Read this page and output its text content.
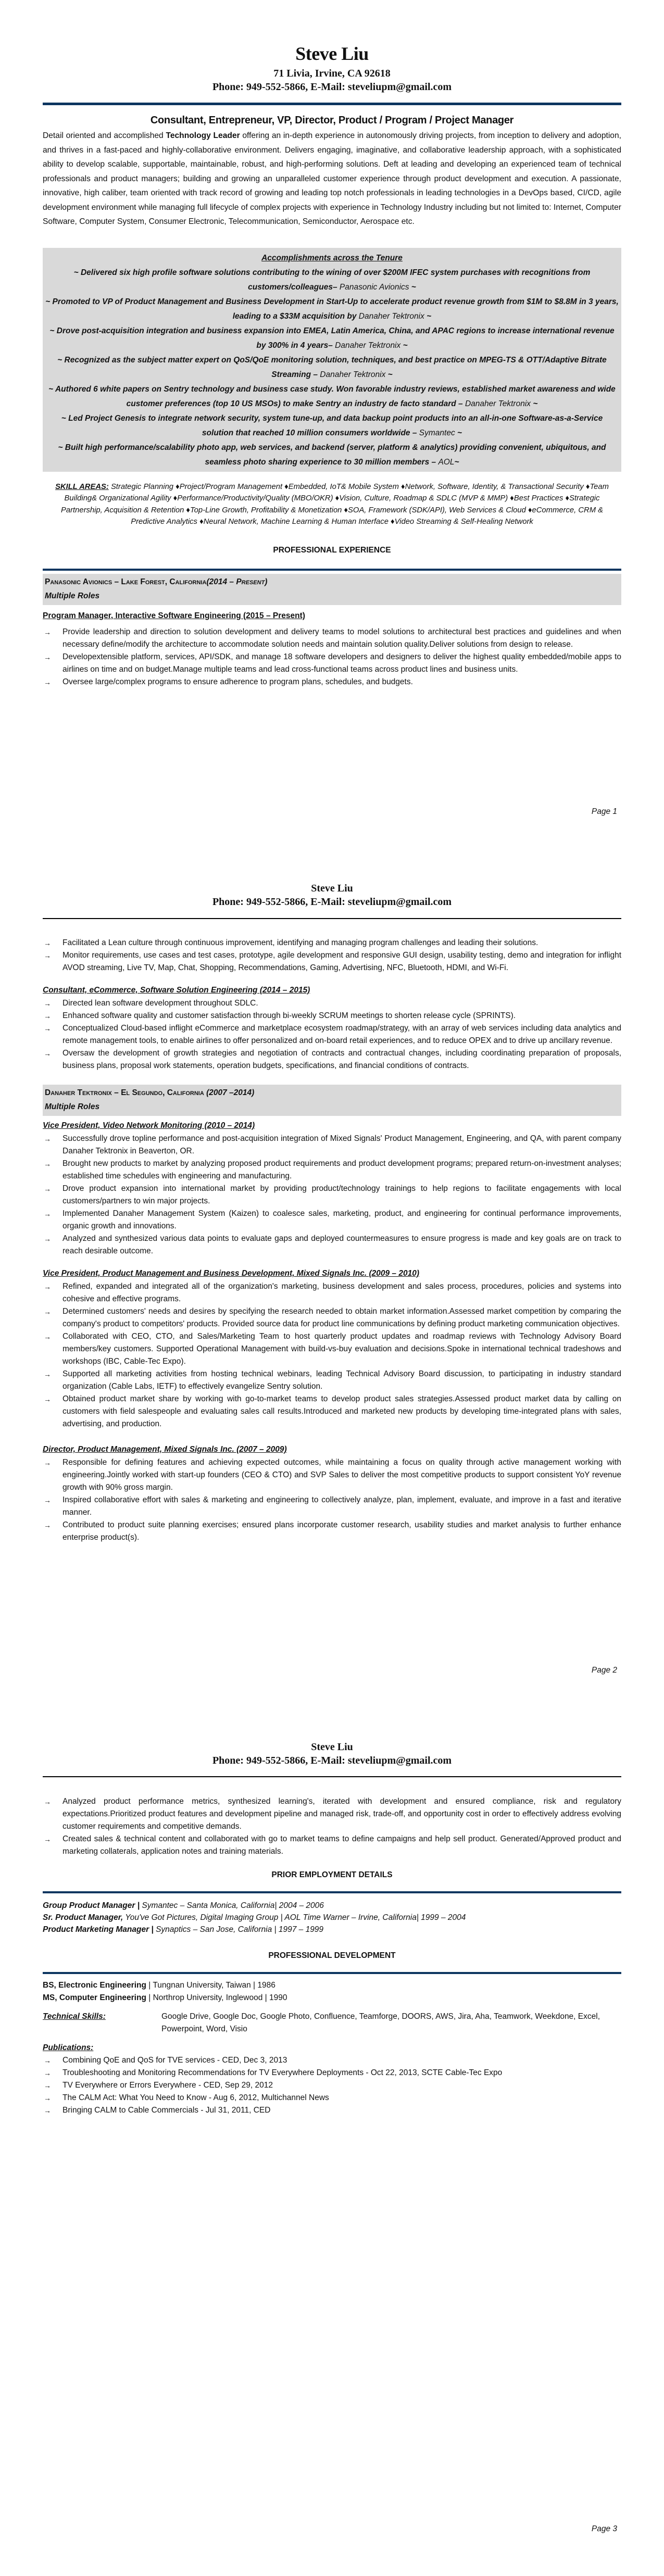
Steve Liu
71 Livia, Irvine, CA 92618
Phone: 949-552-5866, E-Mail: steveliupm@gmail.com
Consultant, Entrepreneur, VP, Director, Product / Program / Project Manager

Detail oriented and accomplished Technology Leader offering an in-depth experience in autonomously driving projects, from inception to delivery and adoption, and thrives in a fast-paced and highly-collaborative environment. Delivers engaging, imaginative, and collaborative leadership approach, with a sophisticated ability to develop scalable, supportable, maintainable, robust, and high-performing solutions. Deft at leading and developing an experienced team of technical professionals and product managers; building and growing an unparalleled customer experience through product development and execution. A passionate, innovative, high caliber, team oriented with track record of growing and leading top notch professionals in leading technologies in a DevOps based, CI/CD, agile development environment while managing full lifecycle of complex projects with experience in Technology Industry including but not limited to: Internet, Computer Software, Computer System, Consumer Electronic, Telecommunication, Semiconductor, Aerospace etc.

Accomplishments across the Tenure
~ Delivered six high profile software solutions contributing to the wining of over $200M IFEC system purchases with recognitions from customers/colleagues– Panasonic Avionics ~
~ Promoted to VP of Product Management and Business Development in Start-Up to accelerate product revenue growth from $1M to $8.8M in 3 years, leading to a $33M acquisition by Danaher Tektronix ~
~ Drove post-acquisition integration and business expansion into EMEA, Latin America, China, and APAC regions to increase international revenue by 300% in 4 years– Danaher Tektronix ~
~ Recognized as the subject matter expert on QoS/QoE monitoring solution, techniques, and best practice on MPEG-TS & OTT/Adaptive Bitrate Streaming – Danaher Tektronix ~
~ Authored 6 white papers on Sentry technology and business case study. Won favorable industry reviews, established market awareness and wide customer preferences (top 10 US MSOs) to make Sentry an industry de facto standard – Danaher Tektronix ~
~ Led Project Genesis to integrate network security, system tune-up, and data backup point products into an all-in-one Software-as-a-Service solution that reached 10 million consumers worldwide – Symantec ~
~ Built high performance/scalability photo app, web services, and backend (server, platform & analytics) providing convenient, ubiquitous, and seamless photo sharing experience to 30 million members – AOL~

SKILL AREAS: Strategic Planning ♦Project/Program Management ♦Embedded, IoT& Mobile System ♦Network, Software, Identity, & Transactional Security ♦Team Building& Organizational Agility ♦Performance/Productivity/Quality (MBO/OKR) ♦Vision, Culture, Roadmap & SDLC (MVP & MMP) ♦Best Practices ♦Strategic Partnership, Acquisition & Retention ♦Top-Line Growth, Profitability & Monetization ♦SOA, Framework (SDK/API), Web Services & Cloud ♦eCommerce, CRM & Predictive Analytics ♦Neural Network, Machine Learning & Human Interface ♦Video Streaming & Self-Healing Network

PROFESSIONAL EXPERIENCE
Panasonic Avionics – Lake Forest, California(2014 – Present)
Multiple Roles
Program Manager, Interactive Software Engineering (2015 – Present)
→ Provide leadership and direction to solution development and delivery teams to model solutions to architectural best practices and guidelines and when necessary define/modify the architecture to accommodate solution needs and maintain solution quality.Deliver solutions from design to release.
→ Developextensible platform, services, API/SDK, and manage 18 software developers and designers to deliver the highest quality embedded/mobile apps to airlines on time and on budget.Manage multiple teams and lead cross-functional teams across product lines and business units.
→ Oversee large/complex programs to ensure adherence to program plans, schedules, and budgets.
Page 1
Steve Liu
Phone: 949-552-5866, E-Mail: steveliupm@gmail.com
→ Facilitated a Lean culture through continuous improvement, identifying and managing program challenges and leading their solutions.
→ Monitor requirements, use cases and test cases, prototype, agile development and responsive GUI design, usability testing, demo and integration for inflight AVOD streaming, Live TV, Map, Chat, Shopping, Recommendations, Gaming, Advertising, NFC, Bluetooth, HDMI, and Wi-Fi.
Consultant, eCommerce, Software Solution Engineering (2014 – 2015)
→ Directed lean software development throughout SDLC.
→ Enhanced software quality and customer satisfaction through bi-weekly SCRUM meetings to shorten release cycle (SPRINTS).
→ Conceptualized Cloud-based inflight eCommerce and marketplace ecosystem roadmap/strategy, with an array of web services including data analytics and remote management tools, to enable airlines to offer personalized and on-board retail experiences, and to reduce OPEX and to drive up ancillary revenue.
→ Oversaw the development of growth strategies and negotiation of contracts and contractual changes, including coordinating preparation of proposals, business plans, proposal work statements, operation budgets, specifications, and financial conditions of contracts.
Danaher Tektronix – El Segundo, California (2007 –2014)
Multiple Roles
Vice President, Video Network Monitoring (2010 – 2014)
→ Successfully drove topline performance and post-acquisition integration of Mixed Signals' Product Management, Engineering, and QA, with parent company Danaher Tektronix in Beaverton, OR.
→ Brought new products to market by analyzing proposed product requirements and product development programs; prepared return-on-investment analyses; established time schedules with engineering and manufacturing.
→ Drove product expansion into international market by providing product/technology trainings to help regions to facilitate engagements with local customers/partners to win major projects.
→ Implemented Danaher Management System (Kaizen) to coalesce sales, marketing, product, and engineering for continual performance improvements, organic growth and innovations.
→ Analyzed and synthesized various data points to evaluate gaps and deployed countermeasures to ensure progress is made and key goals are on track to reach desirable outcome.
Vice President, Product Management and Business Development, Mixed Signals Inc. (2009 – 2010)
→ Refined, expanded and integrated all of the organization's marketing, business development and sales process, procedures, policies and systems into cohesive and effective programs.
→ Determined customers' needs and desires by specifying the research needed to obtain market information.Assessed market competition by comparing the company's product to competitors' products. Provided source data for product line communications by defining product marketing communication objectives.
→ Collaborated with CEO, CTO, and Sales/Marketing Team to host quarterly product updates and roadmap reviews with Technology Advisory Board members/key customers. Supported Operational Management with build-vs-buy evaluation and decisions.Spoke in international technical tradeshows and workshops (IBC, Cable-Tec Expo).
→ Supported all marketing activities from hosting technical webinars, leading Technical Advisory Board discussion, to participating in industry standard organization (Cable Labs, IETF) to effectively evangelize Sentry solution.
→ Obtained product market share by working with go-to-market teams to develop product sales strategies.Assessed product market data by calling on customers with field salespeople and evaluating sales call results.Introduced and marketed new products by developing time-integrated plans with sales, advertising, and production.
Director, Product Management, Mixed Signals Inc. (2007 – 2009)
→ Responsible for defining features and achieving expected outcomes, while maintaining a focus on quality through active management working with engineering.Jointly worked with start-up founders (CEO & CTO) and SVP Sales to deliver the most competitive products to support consistent YoY revenue growth with 90% gross margin.
→ Inspired collaborative effort with sales & marketing and engineering to collectively analyze, plan, implement, evaluate, and improve in a fast and iterative manner.
→ Contributed to product suite planning exercises; ensured plans incorporate customer research, usability studies and market analysis to further enhance enterprise product(s).
Page 2
Steve Liu
Phone: 949-552-5866, E-Mail: steveliupm@gmail.com
→ Analyzed product performance metrics, synthesized learning's, iterated with development and ensured compliance, risk and regulatory expectations.Prioritized product features and development pipeline and managed risk, trade-off, and opportunity cost in order to effectively address evolving customer requirements and competitive demands.
→ Created sales & technical content and collaborated with go to market teams to define campaigns and help sell product. Generated/Approved product and marketing collaterals, application notes and training materials.
PRIOR EMPLOYMENT DETAILS
Group Product Manager | Symantec – Santa Monica, California| 2004 – 2006
Sr. Product Manager, You've Got Pictures, Digital Imaging Group | AOL Time Warner – Irvine, California| 1999 – 2004
Product Marketing Manager | Synaptics – San Jose, California | 1997 – 1999
PROFESSIONAL DEVELOPMENT
BS, Electronic Engineering | Tungnan University, Taiwan | 1986
MS, Computer Engineering | Northrop University, Inglewood | 1990
Technical Skills:	Google Drive, Google Doc, Google Photo, Confluence, Teamforge, DOORS, AWS, Jira, Aha, Teamwork, Weekdone, Excel, Powerpoint, Word, Visio
Publications:
→ Combining QoE and QoS for TVE services - CED, Dec 3, 2013
→ Troubleshooting and Monitoring Recommendations for TV Everywhere Deployments - Oct 22, 2013, SCTE Cable-Tec Expo
→ TV Everywhere or Errors Everywhere - CED, Sep 29, 2012
→ The CALM Act: What You Need to Know - Aug 6, 2012, Multichannel News
→ Bringing CALM to Cable Commercials - Jul 31, 2011, CED
Page 3
